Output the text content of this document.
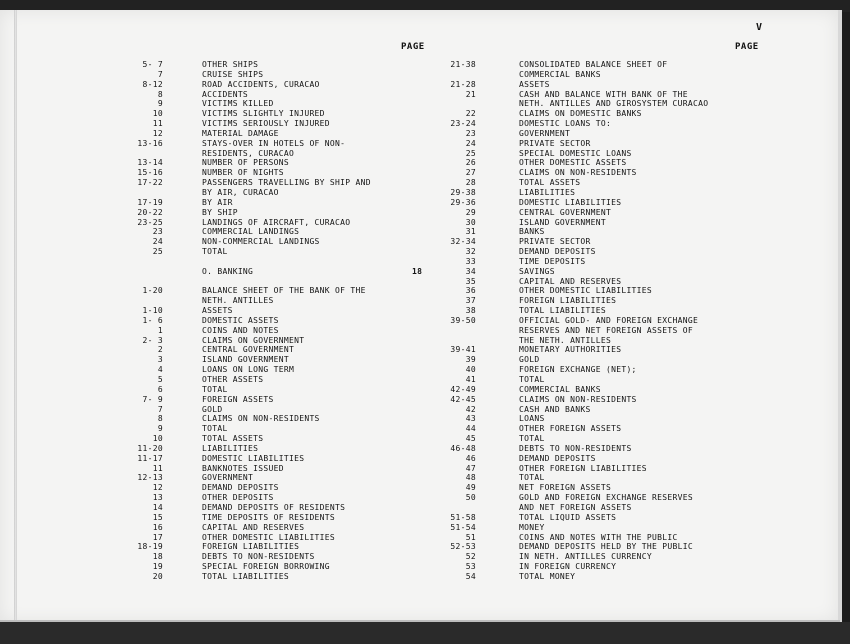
V
PAGE	PAGE
5- 7	OTHER SHIPS
7	CRUISE SHIPS
8-12	ROAD ACCIDENTS, CURACAO
8	ACCIDENTS
9	VICTIMS KILLED
10	VICTIMS SLIGHTLY INJURED
11	VICTIMS SERIOUSLY INJURED
12	MATERIAL DAMAGE
13-16	STAYS-OVER IN HOTELS OF NON-
RESIDENTS, CURACAO
13-14	NUMBER OF PERSONS
15-16	NUMBER OF NIGHTS
17-22	PASSENGERS TRAVELLING BY SHIP AND
BY AIR, CURACAO
17-19	BY AIR
20-22	BY SHIP
23-25	LANDINGS OF AIRCRAFT, CURACAO
23	COMMERCIAL LANDINGS
24	NON-COMMERCIAL LANDINGS
25	TOTAL
O. BANKING	18
1-20	BALANCE SHEET OF THE BANK OF THE
NETH. ANTILLES
1-10	ASSETS
1- 6	DOMESTIC ASSETS
1	COINS AND NOTES
2- 3	CLAIMS ON GOVERNMENT
2	CENTRAL GOVERNMENT
3	ISLAND GOVERNMENT
4	LOANS ON LONG TERM
5	OTHER ASSETS
6	TOTAL
7- 9	FOREIGN ASSETS
7	GOLD
8	CLAIMS ON NON-RESIDENTS
9	TOTAL
10	TOTAL ASSETS
11-20	LIABILITIES
11-17	DOMESTIC LIABILITIES
11	BANKNOTES ISSUED
12-13	GOVERNMENT
12	DEMAND DEPOSITS
13	OTHER DEPOSITS
14	DEMAND DEPOSITS OF RESIDENTS
15	TIME DEPOSITS OF RESIDENTS
16	CAPITAL AND RESERVES
17	OTHER DOMESTIC LIABILITIES
18-19	FOREIGN LIABILITIES
18	DEBTS TO NON-RESIDENTS
19	SPECIAL FOREIGN BORROWING
20	TOTAL LIABILITIES
21-38	CONSOLIDATED BALANCE SHEET OF
COMMERCIAL BANKS
21-28	ASSETS
21	CASH AND BALANCE WITH BANK OF THE
NETH. ANTILLES AND GIROSYSTEM CURACAO
22	CLAIMS ON DOMESTIC BANKS
23-24	DOMESTIC LOANS TO:
23	GOVERNMENT
24	PRIVATE SECTOR
25	SPECIAL DOMESTIC LOANS
26	OTHER DOMESTIC ASSETS
27	CLAIMS ON NON-RESIDENTS
28	TOTAL ASSETS
29-38	LIABILITIES
29-36	DOMESTIC LIABILITIES
29	CENTRAL GOVERNMENT
30	ISLAND GOVERNMENT
31	BANKS
32-34	PRIVATE SECTOR
32	DEMAND DEPOSITS
33	TIME DEPOSITS
34	SAVINGS
35	CAPITAL AND RESERVES
36	OTHER DOMESTIC LIABILITIES
37	FOREIGN LIABILITIES
38	TOTAL LIABILITIES
39-50	OFFICIAL GOLD- AND FOREIGN EXCHANGE
RESERVES AND NET FOREIGN ASSETS OF
THE NETH. ANTILLES
39-41	MONETARY AUTHORITIES
39	GOLD
40	FOREIGN EXCHANGE (NET);
41	TOTAL
42-49	COMMERCIAL BANKS
42-45	CLAIMS ON NON-RESIDENTS
42	CASH AND BANKS
43	LOANS
44	OTHER FOREIGN ASSETS
45	TOTAL
46-48	DEBTS TO NON-RESIDENTS
46	DEMAND DEPOSITS
47	OTHER FOREIGN LIABILITIES
48	TOTAL
49	NET FOREIGN ASSETS
50	GOLD AND FOREIGN EXCHANGE RESERVES
AND NET FOREIGN ASSETS
51-58	TOTAL LIQUID ASSETS
51-54	MONEY
51	COINS AND NOTES WITH THE PUBLIC
52-53	DEMAND DEPOSITS HELD BY THE PUBLIC
52	IN NETH. ANTILLES CURRENCY
53	IN FOREIGN CURRENCY
54	TOTAL MONEY
